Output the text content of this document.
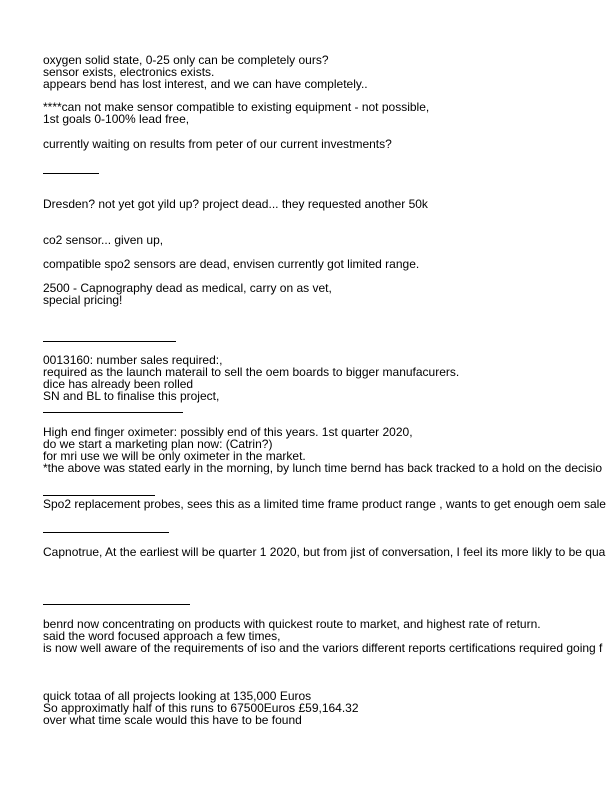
oxygen solid state, 0-25 only can be completely ours?

sensor exists, electronics exists.

appears bend has lost interest, and we can have completely..

****can not make sensor compatible to existing equipment - not possible,

1st goals 0-100% lead free,

currently waiting on results from peter of our current investments?

Dresden? not yet got yild up? project dead... they requested another 50k

co2 sensor... given up,

compatible spo2 sensors are dead, envisen currently got limited range.

2500 - Capnography dead as medical, carry on as vet,

special pricing!

0013160: number sales required:,

required as the launch materail to sell the oem boards to bigger manufacurers.

dice has already been rolled

SN and BL to finalise this project,

High end finger oximeter: possibly end of this years. 1st quarter 2020,

do we start a marketing plan now: (Catrin?)

for mri use we will be only oximeter in the market.

*the above was stated early in the morning, by lunch time bernd has back tracked to a hold on the decisio

Spo2 replacement probes, sees this as a limited time frame product range , wants to get enough oem sale

Capnotrue, At the earliest will be quarter 1 2020, but from jist of conversation, I feel its more likly to be qua

benrd now concentrating on products with quickest route to market, and highest rate of return.

said the word focused approach a few times,

is now well aware of the requirements of iso and the variors different reports certifications required going f

quick totaa of all projects looking at 135,000 Euros

So approximatly half of this runs to 67500Euros £59,164.32

over what time scale would this have to be found
